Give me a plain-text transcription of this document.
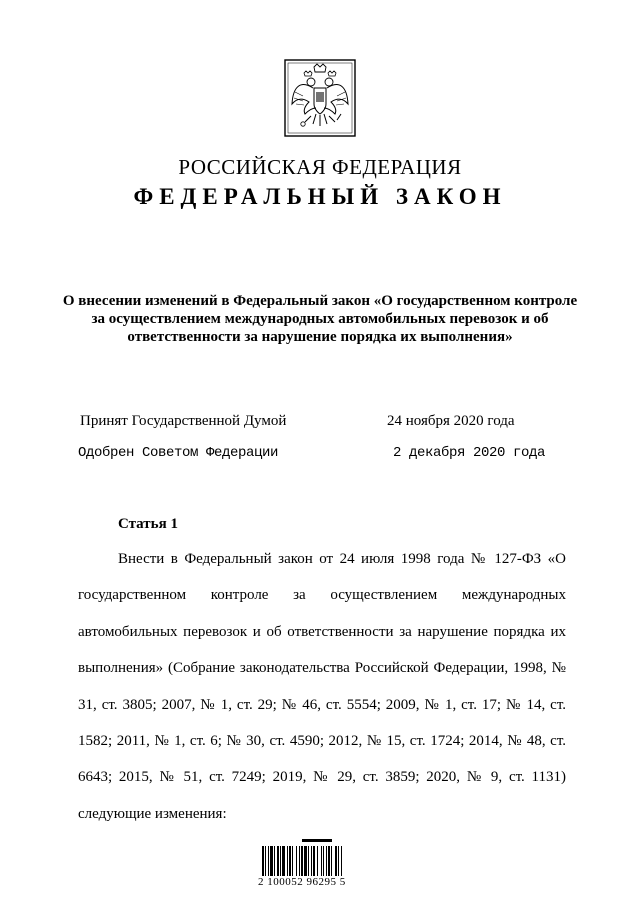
РОССИЙСКАЯ ФЕДЕРАЦИЯ
ФЕДЕРАЛЬНЫЙ ЗАКОН
О внесении изменений в Федеральный закон «О государственном контроле за осуществлением международных автомобильных перевозок и об ответственности за нарушение порядка их выполнения»
Принят Государственной Думой	24 ноября 2020 года
Одобрен Советом Федерации	2 декабря 2020 года
Статья 1
Внести в Федеральный закон от 24 июля 1998 года № 127-ФЗ «О государственном контроле за осуществлением международных автомобильных перевозок и об ответственности за нарушение порядка их выполнения» (Собрание законодательства Российской Федерации, 1998, № 31, ст. 3805; 2007, № 1, ст. 29; № 46, ст. 5554; 2009, № 1, ст. 17; № 14, ст. 1582; 2011, № 1, ст. 6; № 30, ст. 4590; 2012, № 15, ст. 1724; 2014, № 48, ст. 6643; 2015, № 51, ст. 7249; 2019, № 29, ст. 3859; 2020, № 9, ст. 1131) следующие изменения:
2 100052 96295 5
